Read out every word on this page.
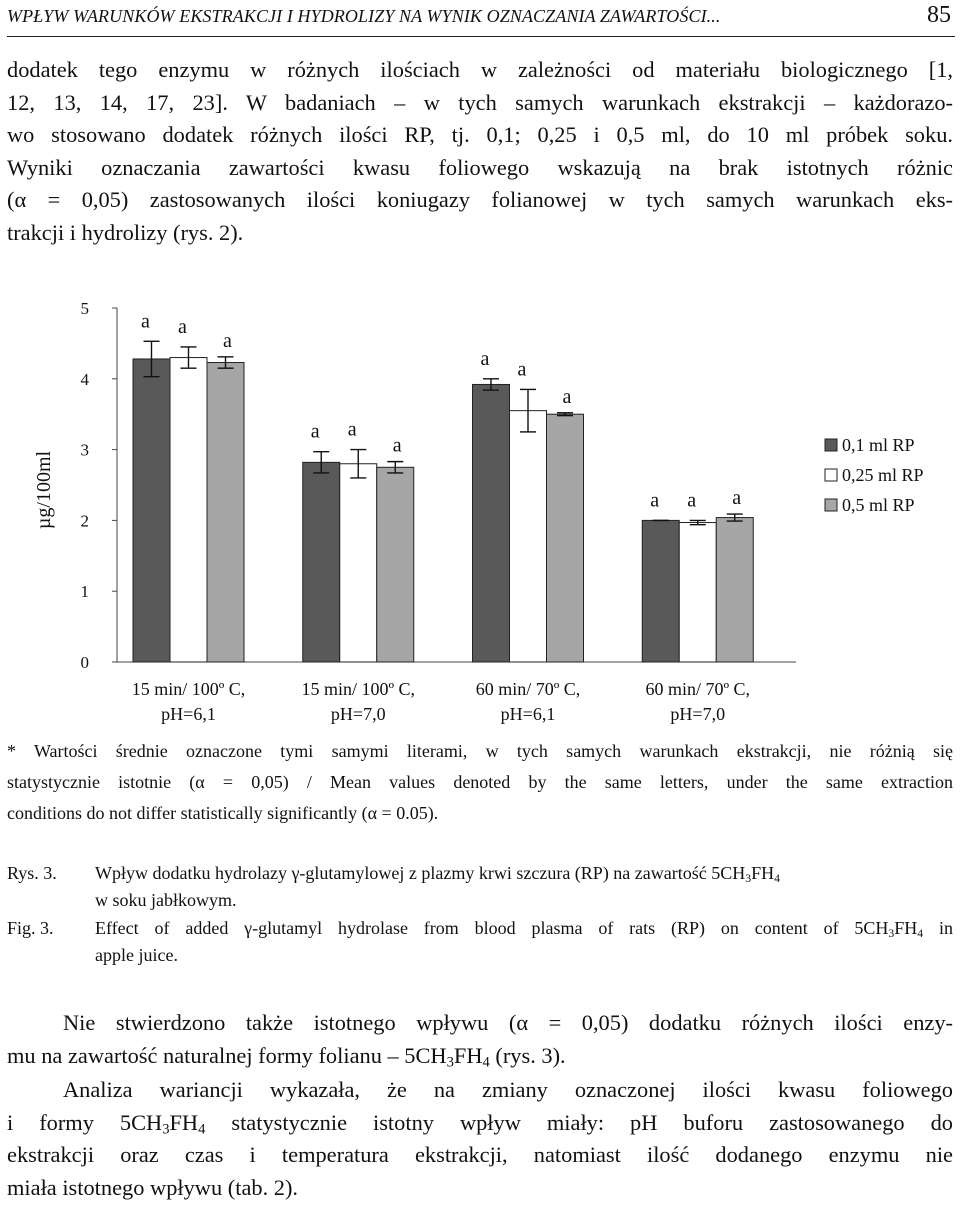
WPŁYW WARUNKÓW EKSTRAKCJI I HYDROLIZY NA WYNIK OZNACZANIA ZAWARTOŚCI...	85
dodatek tego enzymu w różnych ilościach w zależności od materiału biologicznego [1,
12, 13, 14, 17, 23]. W badaniach – w tych samych warunkach ekstrakcji – każdorazo-
wo stosowano dodatek różnych ilości RP, tj. 0,1; 0,25 i 0,5 ml, do 10 ml próbek soku.
Wyniki oznaczania zawartości kwasu foliowego wskazują na brak istotnych różnic
(α = 0,05) zastosowanych ilości koniugazy folianowej w tych samych warunkach eks-
trakcji i hydrolizy (rys. 2).
0
1
2
3
4
5
µg/100ml
a a
a
a a
a
a a
a
a a a
15 min/ 100º C,
pH=6,1
15 min/ 100º C,
pH=7,0
60 min/ 70º C,
pH=6,1
60 min/ 70º C,
pH=7,0
0,1 ml RP
0,25 ml RP
0,5 ml RP
* Wartości średnie oznaczone tymi samymi literami, w tych samych warunkach ekstrakcji, nie różnią się
statystycznie istotnie (α = 0,05) / Mean values denoted by the same letters, under the same extraction
conditions do not differ statistically significantly (α = 0.05).
Rys. 3.	Wpływ dodatku hydrolazy γ-glutamylowej z plazmy krwi szczura (RP) na zawartość $5CH_3FH_4$
w soku jabłkowym.
Fig. 3.	Effect of added γ-glutamyl hydrolase from blood plasma of rats (RP) on content of $5CH_3FH_4$ in
apple juice.
Nie stwierdzono także istotnego wpływu (α = 0,05) dodatku różnych ilości enzy-
mu na zawartość naturalnej formy folianu – $5CH_3FH_4$ (rys. 3).
Analiza wariancji wykazała, że na zmiany oznaczonej ilości kwasu foliowego
i formy $5CH_3FH_4$ statystycznie istotny wpływ miały: pH buforu zastosowanego do
ekstrakcji oraz czas i temperatura ekstrakcji, natomiast ilość dodanego enzymu nie
miała istotnego wpływu (tab. 2).
